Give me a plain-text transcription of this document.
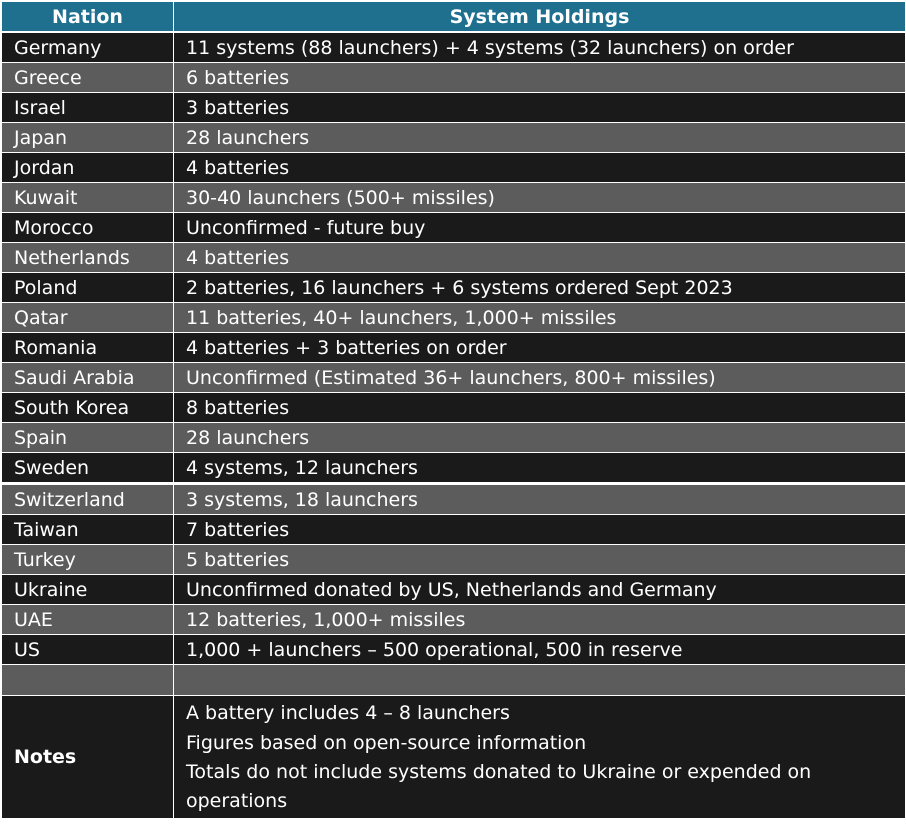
Nation	System Holdings
Germany	11 systems (88 launchers) + 4 systems (32 launchers) on order
Greece	6 batteries
Israel	3 batteries
Japan	28 launchers
Jordan	4 batteries
Kuwait	30-40 launchers (500+ missiles)
Morocco	Unconfirmed - future buy
Netherlands	4 batteries
Poland	2 batteries, 16 launchers + 6 systems ordered Sept 2023
Qatar	11 batteries, 40+ launchers, 1,000+ missiles
Romania	4 batteries + 3 batteries on order
Saudi Arabia	Unconfirmed (Estimated 36+ launchers, 800+ missiles)
South Korea	8 batteries
Spain	28 launchers
Sweden	4 systems, 12 launchers
Switzerland	3 systems, 18 launchers
Taiwan	7 batteries
Turkey	5 batteries
Ukraine	Unconfirmed donated by US, Netherlands and Germany
UAE	12 batteries, 1,000+ missiles
US	1,000 + launchers – 500 operational, 500 in reserve

Notes	A battery includes 4 – 8 launchers
Figures based on open-source information
Totals do not include systems donated to Ukraine or expended on operations
